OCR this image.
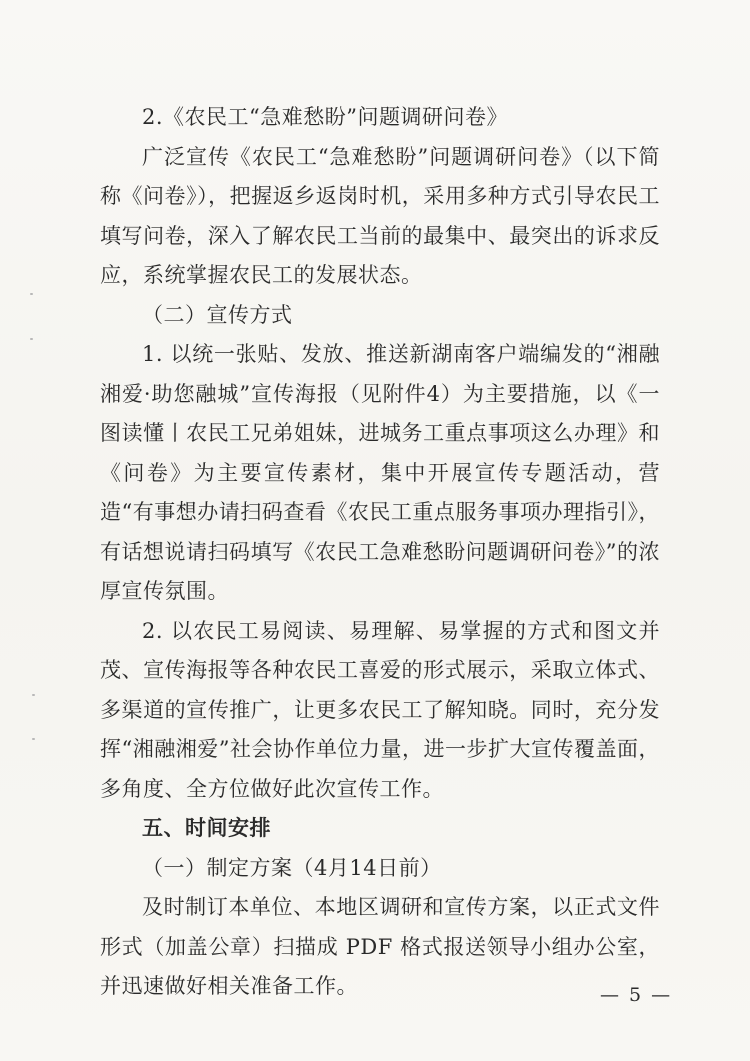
2.《农民工“急难愁盼”问题调研问卷》

广泛宣传《农民工“急难愁盼”问题调研问卷》（以下简称《问卷》），把握返乡返岗时机，采用多种方式引导农民工填写问卷，深入了解农民工当前的最集中、最突出的诉求反应，系统掌握农民工的发展状态。

（二）宣传方式

1. 以统一张贴、发放、推送新湖南客户端编发的“湘融湘爱·助您融城”宣传海报（见附件4）为主要措施，以《一图读懂丨农民工兄弟姐妹，进城务工重点事项这么办理》和《问卷》为主要宣传素材，集中开展宣传专题活动，营造“有事想办请扫码查看《农民工重点服务事项办理指引》，有话想说请扫码填写《农民工急难愁盼问题调研问卷》”的浓厚宣传氛围。

2. 以农民工易阅读、易理解、易掌握的方式和图文并茂、宣传海报等各种农民工喜爱的形式展示，采取立体式、多渠道的宣传推广，让更多农民工了解知晓。同时，充分发挥“湘融湘爱”社会协作单位力量，进一步扩大宣传覆盖面，多角度、全方位做好此次宣传工作。

五、时间安排

（一）制定方案（4月14日前）

及时制订本单位、本地区调研和宣传方案，以正式文件形式（加盖公章）扫描成 PDF 格式报送领导小组办公室，并迅速做好相关准备工作。	— 5 —
